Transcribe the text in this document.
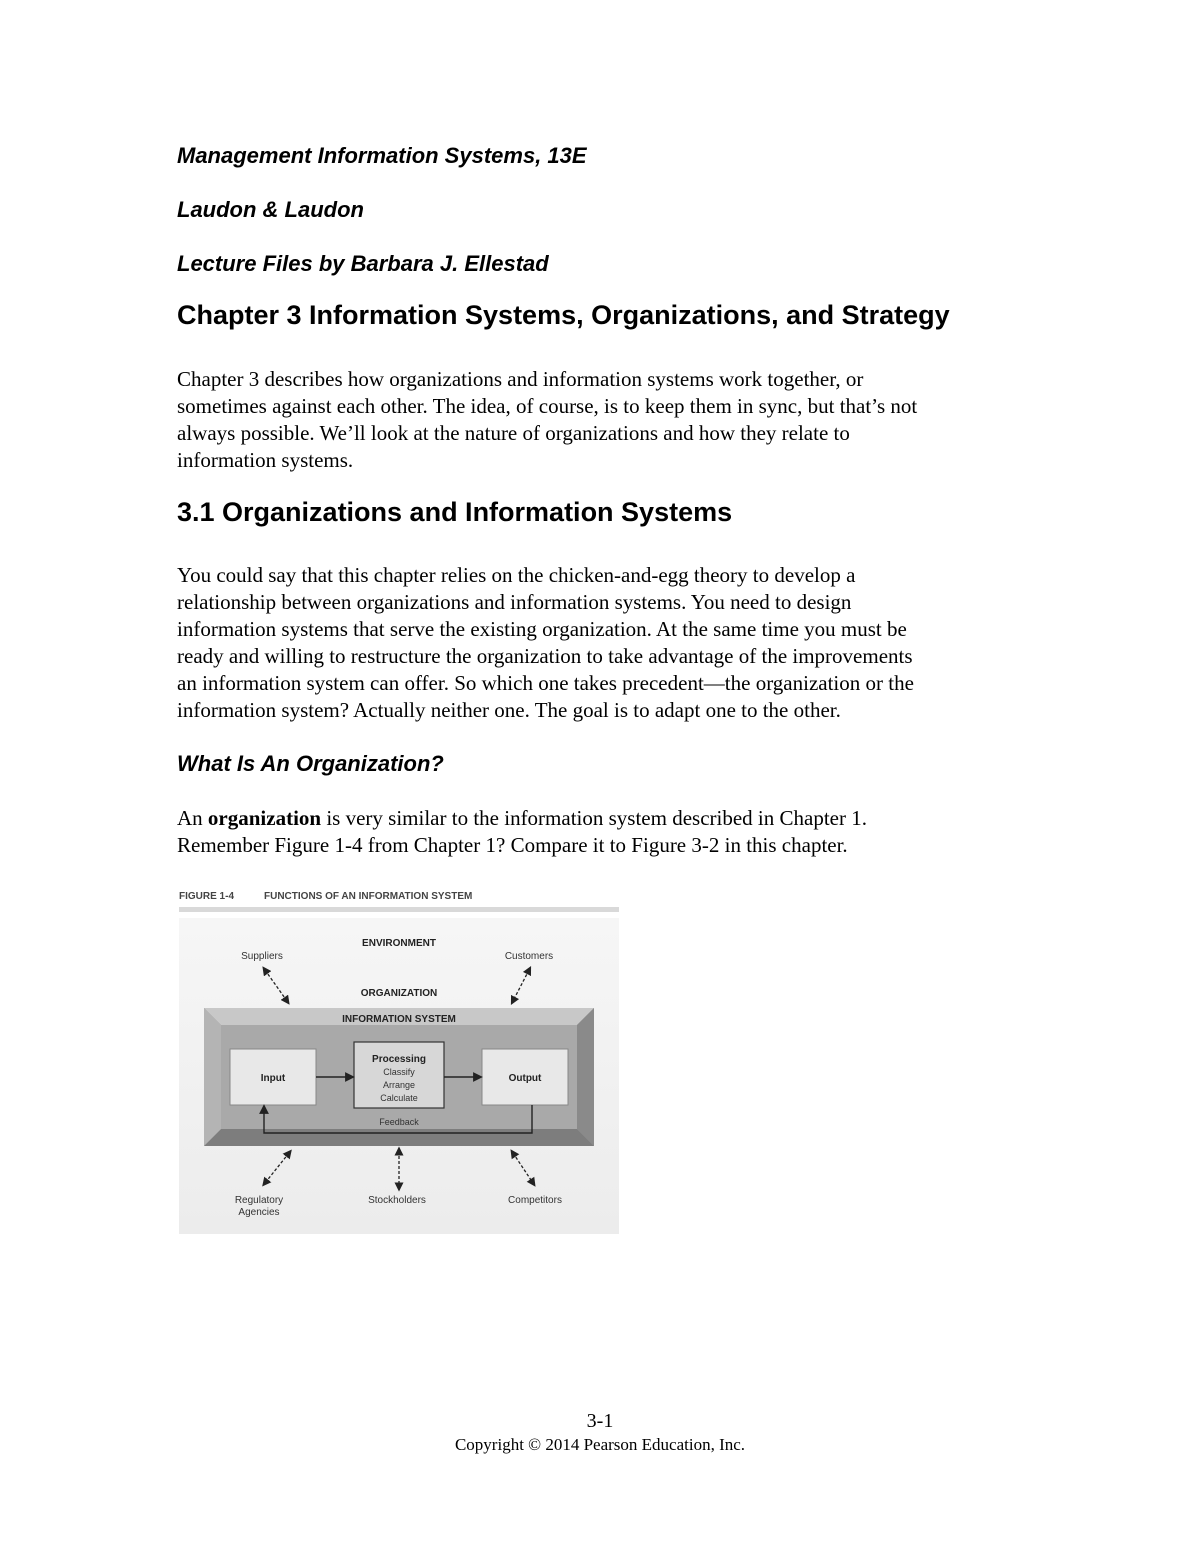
Management Information Systems, 13E
Laudon & Laudon
Lecture Files by Barbara J. Ellestad
Chapter 3 Information Systems, Organizations, and Strategy
Chapter 3 describes how organizations and information systems work together, or
sometimes against each other. The idea, of course, is to keep them in sync, but that’s not
always possible. We’ll look at the nature of organizations and how they relate to
information systems.
3.1 Organizations and Information Systems
You could say that this chapter relies on the chicken-and-egg theory to develop a
relationship between organizations and information systems. You need to design
information systems that serve the existing organization. At the same time you must be
ready and willing to restructure the organization to take advantage of the improvements
an information system can offer. So which one takes precedent—the organization or the
information system? Actually neither one. The goal is to adapt one to the other.
What Is An Organization?
An organization is very similar to the information system described in Chapter 1.
Remember Figure 1-4 from Chapter 1? Compare it to Figure 3-2 in this chapter.
FIGURE 1-4	FUNCTIONS OF AN INFORMATION SYSTEM
ENVIRONMENT
Suppliers	Customers
ORGANIZATION
INFORMATION SYSTEM
Input
Processing
Classify
Arrange
Calculate
Output
Feedback
Regulatory
Agencies
Stockholders	Competitors
3-1
Copyright © 2014 Pearson Education, Inc.
